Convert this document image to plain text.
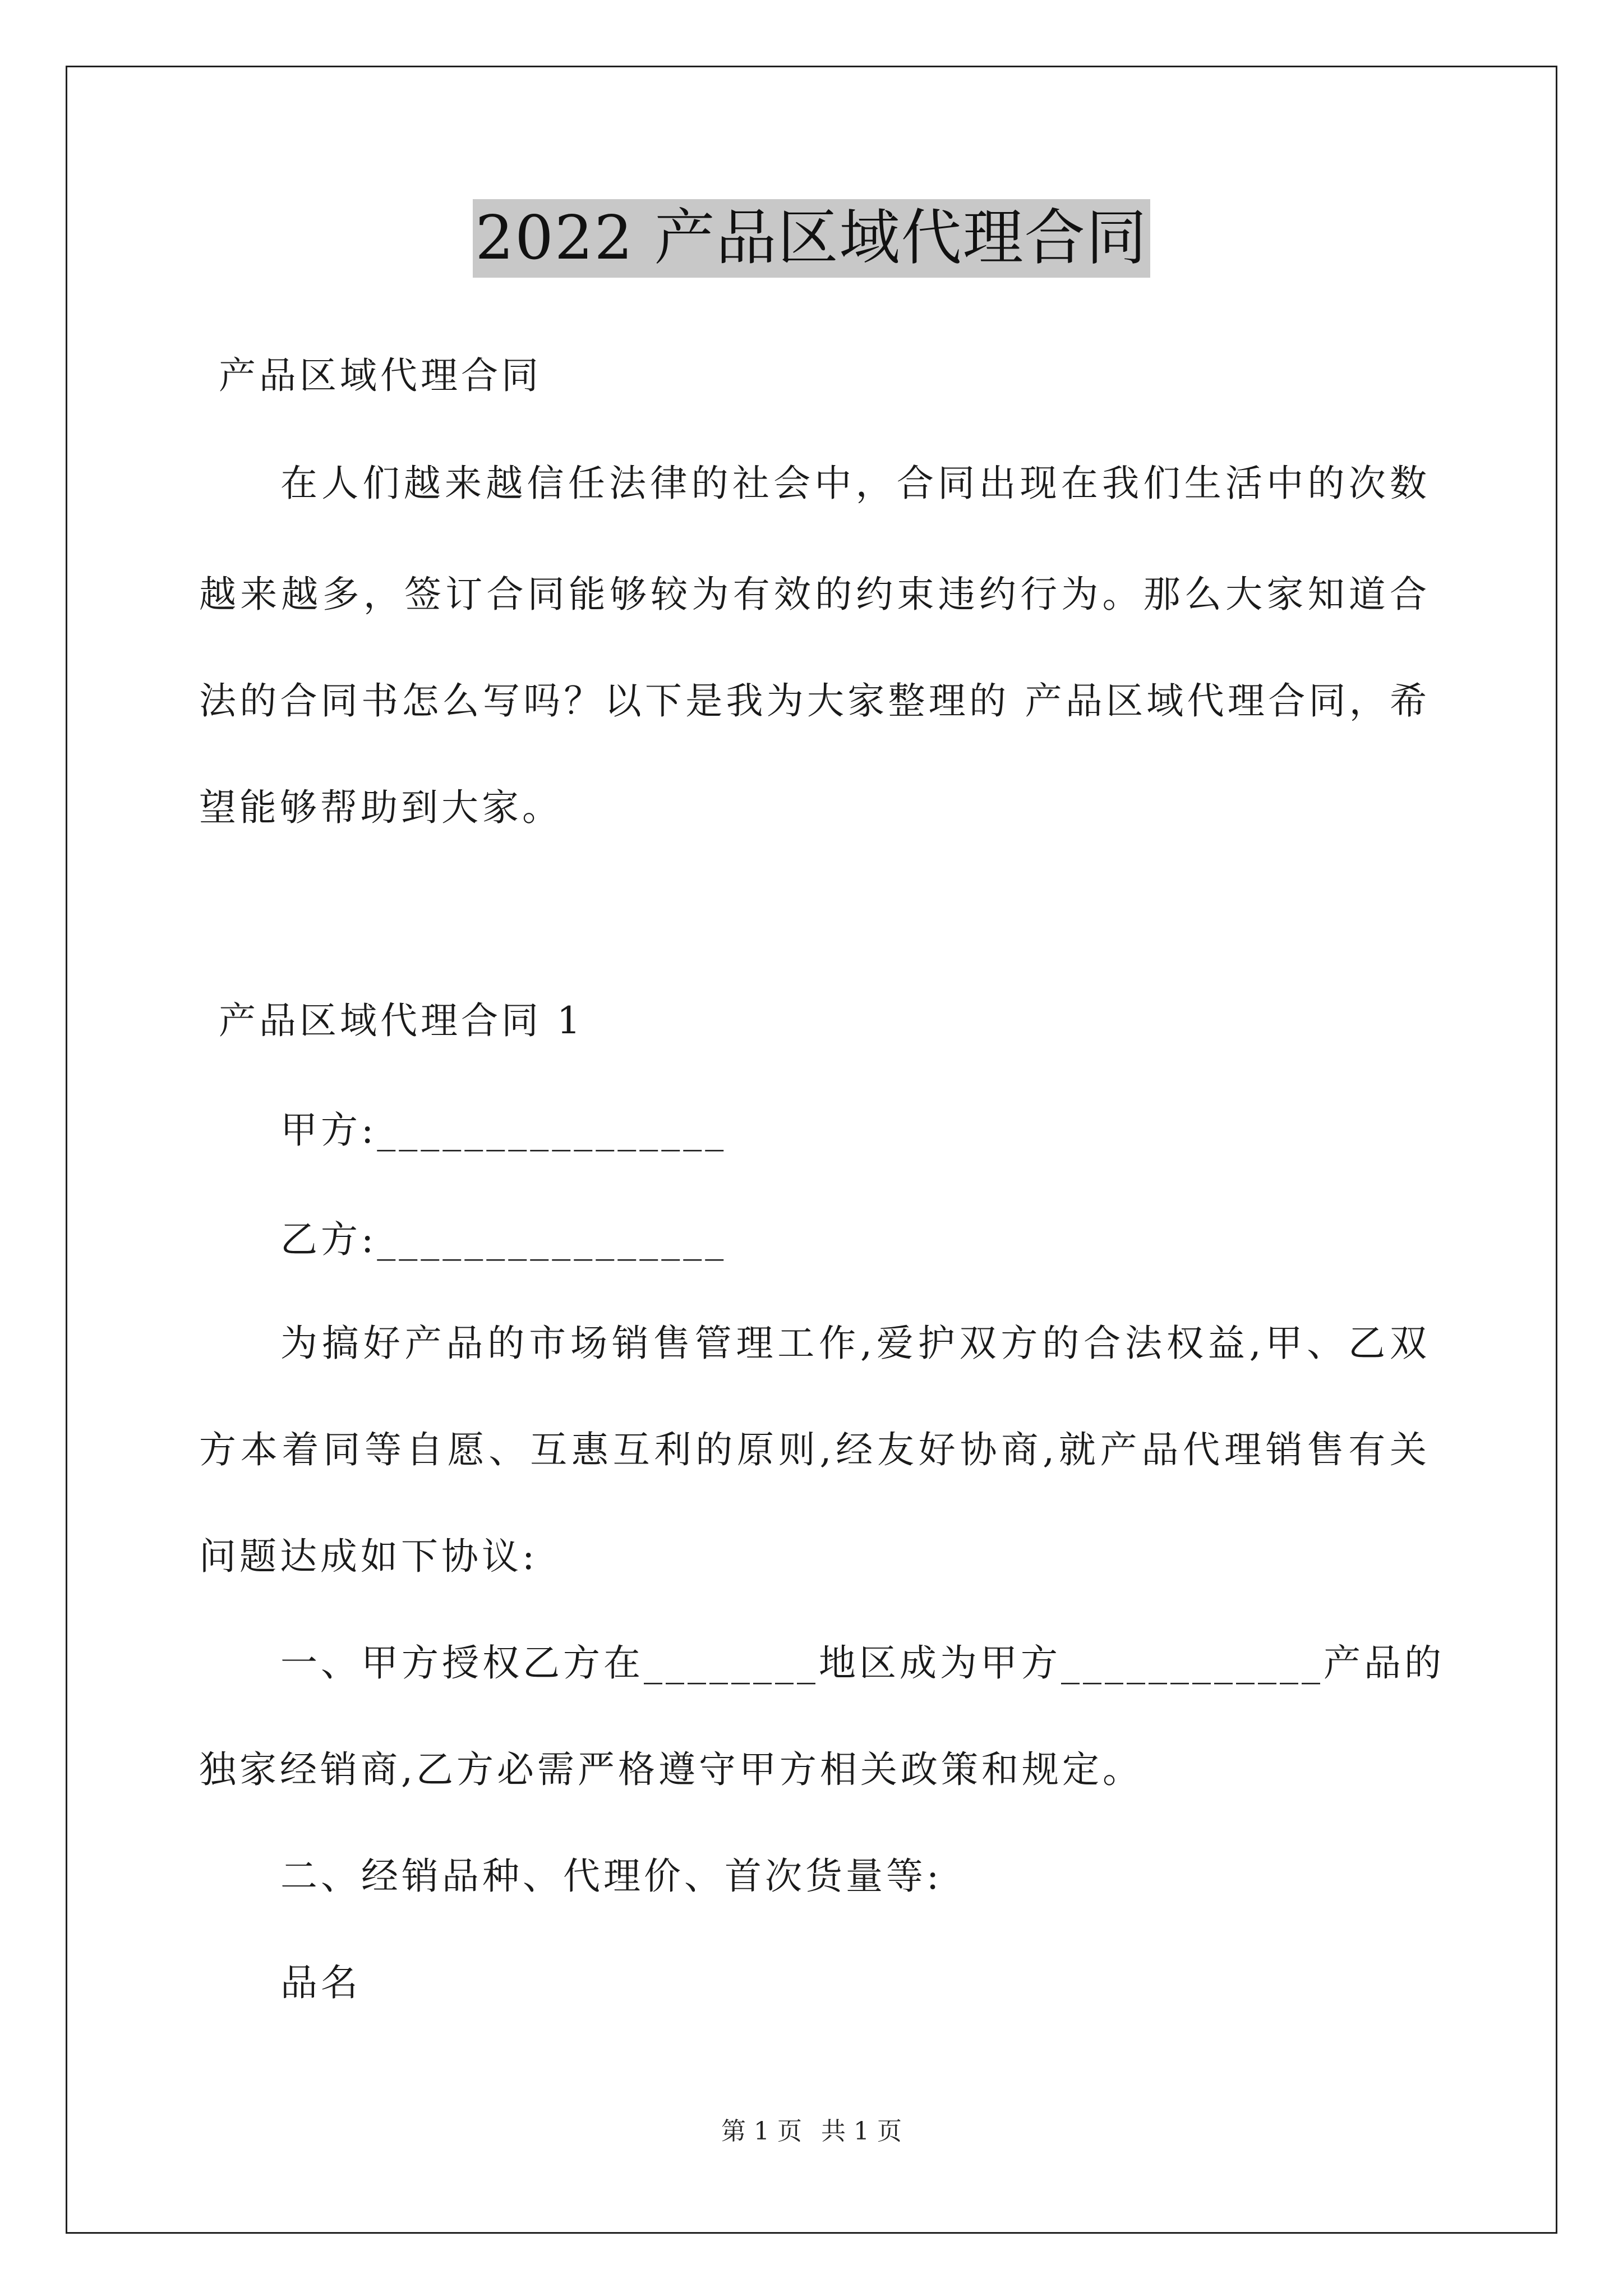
2022 产品区域代理合同
产品区域代理合同
在人们越来越信任法律的社会中，合同出现在我们生活中的次数
越来越多，签订合同能够较为有效的约束违约行为。那么大家知道合
法的合同书怎么写吗？以下是我为大家整理的 产品区域代理合同，希
望能够帮助到大家。
产品区域代理合同 1
甲方:________________
乙方:________________
为搞好产品的市场销售管理工作,爱护双方的合法权益,甲、乙双
方本着同等自愿、互惠互利的原则,经友好协商,就产品代理销售有关
问题达成如下协议:
一、甲方授权乙方在________地区成为甲方____________产品的
独家经销商,乙方必需严格遵守甲方相关政策和规定。
二、经销品种、代理价、首次货量等:
品名
第 1 页 共 1 页
